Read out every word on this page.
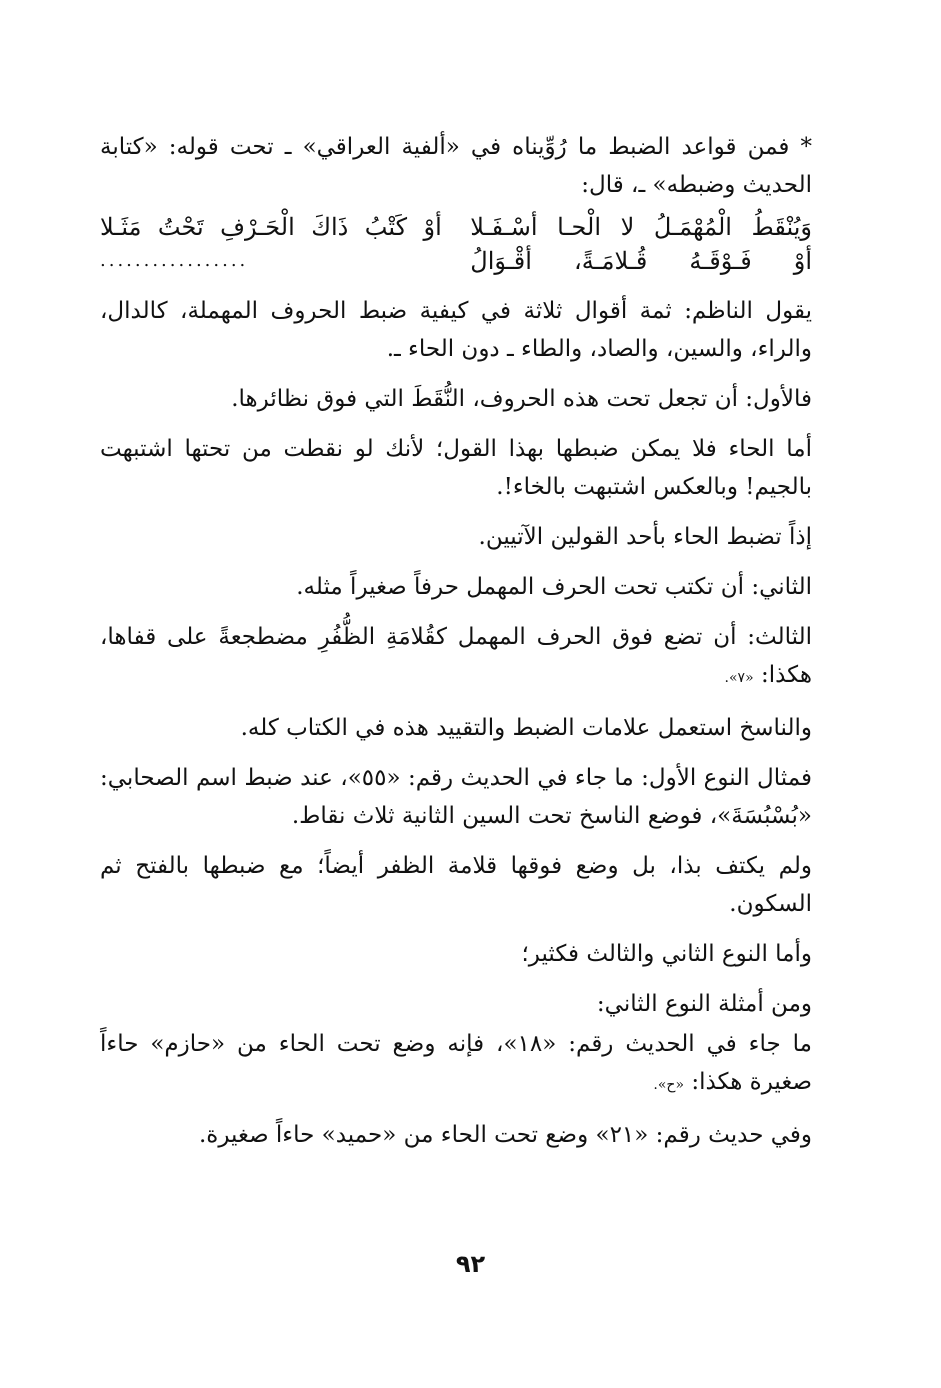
* فمن قواعد الضبط ما رُوِّيناه في «ألفية العراقي» ـ تحت قوله: «كتابة الحديث وضبطه» ـ، قال:

وَيُنْقَطُ الْمُهْمَـلُ لا الْحـا أسْـفَـلا
أوْ كَتْبُ ذَاكَ الْحَـرْفِ تَحْتُ مَثَـلا
أوْ فَـوْقَـهُ قُـلامَـةً، أقْـوَالُ
.................

يقول الناظم: ثمة أقوال ثلاثة في كيفية ضبط الحروف المهملة، كالدال، والراء، والسين، والصاد، والطاء ـ دون الحاء ـ.

فالأول: أن تجعل تحت هذه الحروف، النُّقَطَ التي فوق نظائرها.

أما الحاء فلا يمكن ضبطها بهذا القول؛ لأنك لو نقطت من تحتها اشتبهت بالجيم! وبالعكس اشتبهت بالخاء!.

إذاً تضبط الحاء بأحد القولين الآتيين.

الثاني: أن تكتب تحت الحرف المهمل حرفاً صغيراً مثله.

الثالث: أن تضع فوق الحرف المهمل كقُلامَةِ الظُّفُرِ مضطجعةً على قفاها، هكذا: «٧».

والناسخ استعمل علامات الضبط والتقييد هذه في الكتاب كله.

فمثال النوع الأول: ما جاء في الحديث رقم: «٥٥»، عند ضبط اسم الصحابي: «بُسْبُسَةَ»، فوضع الناسخ تحت السين الثانية ثلاث نقاط.

ولم يكتف بذا، بل وضع فوقها قلامة الظفر أيضاً؛ مع ضبطها بالفتح ثم السكون.

وأما النوع الثاني والثالث فكثير؛

ومن أمثلة النوع الثاني:

ما جاء في الحديث رقم: «١٨»، فإنه وضع تحت الحاء من «حازم» حاءاً صغيرة هكذا: «ح».

وفي حديث رقم: «٢١» وضع تحت الحاء من «حميد» حاءاً صغيرة.

٩٢
